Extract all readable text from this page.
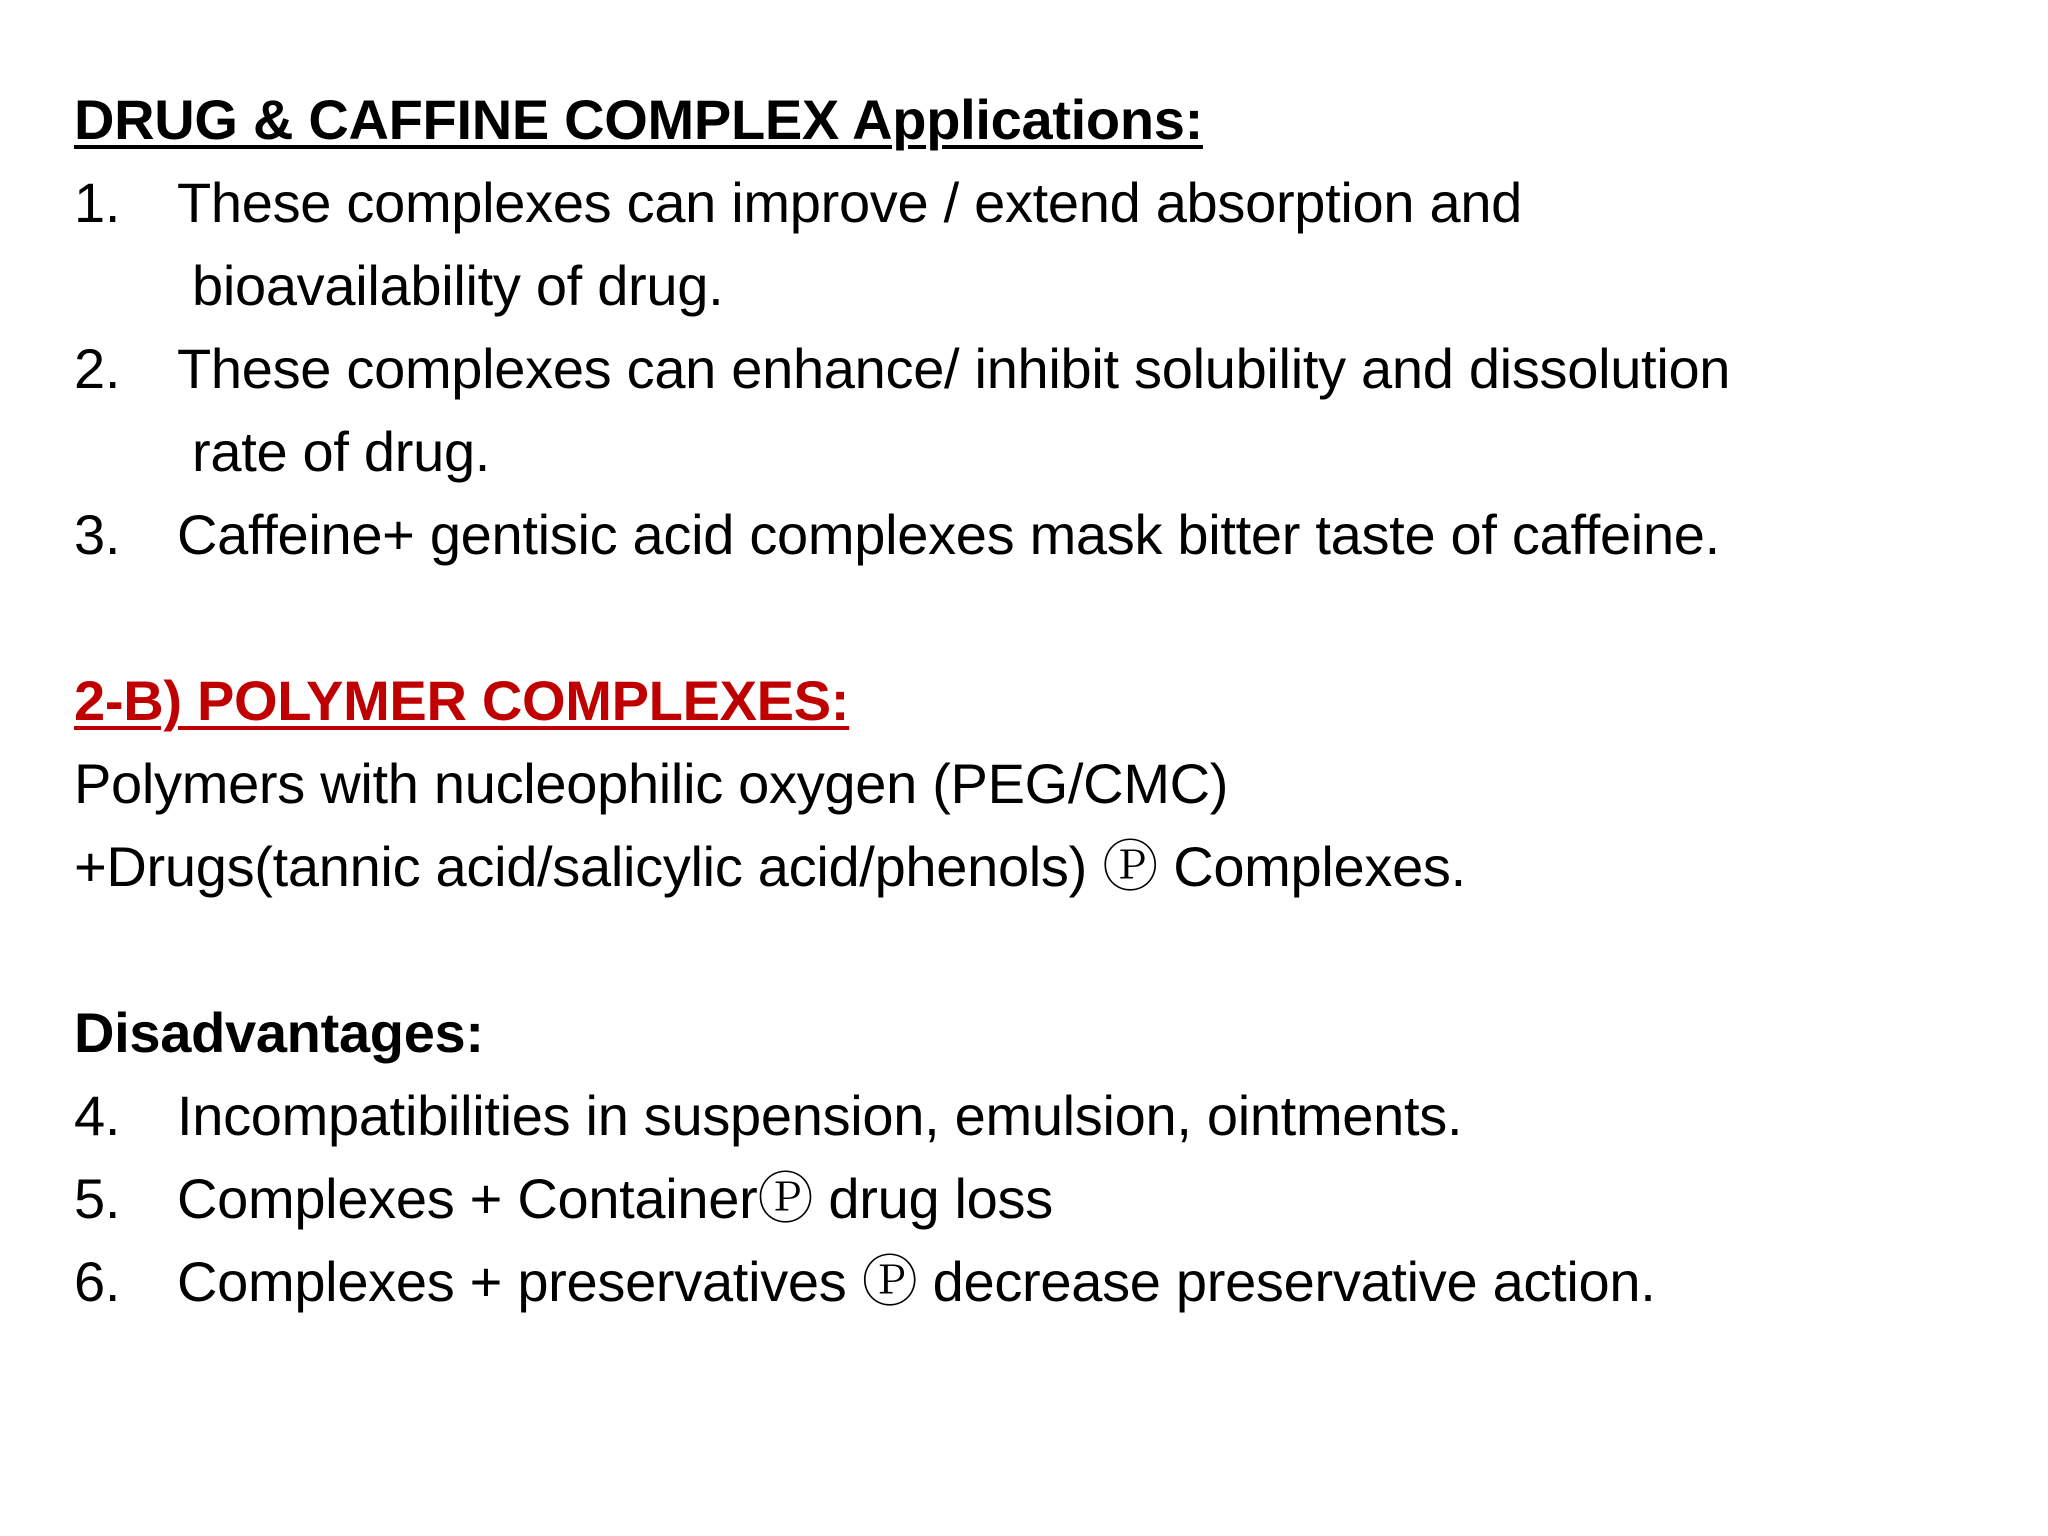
DRUG & CAFFINE COMPLEX Applications:
1.	These complexes can improve / extend absorption and
bioavailability of drug.
2.	These complexes can enhance/ inhibit solubility and dissolution
rate of drug.
3.	Caffeine+ gentisic acid complexes mask bitter taste of caffeine.
2-B) POLYMER COMPLEXES:
Polymers with nucleophilic oxygen (PEG/CMC)
+Drugs(tannic acid/salicylic acid/phenols) Ⓟ Complexes.
Disadvantages:
4.	Incompatibilities in suspension, emulsion, ointments.
5.	Complexes + ContainerⓅ drug loss
6.	Complexes + preservatives Ⓟ decrease preservative action.
